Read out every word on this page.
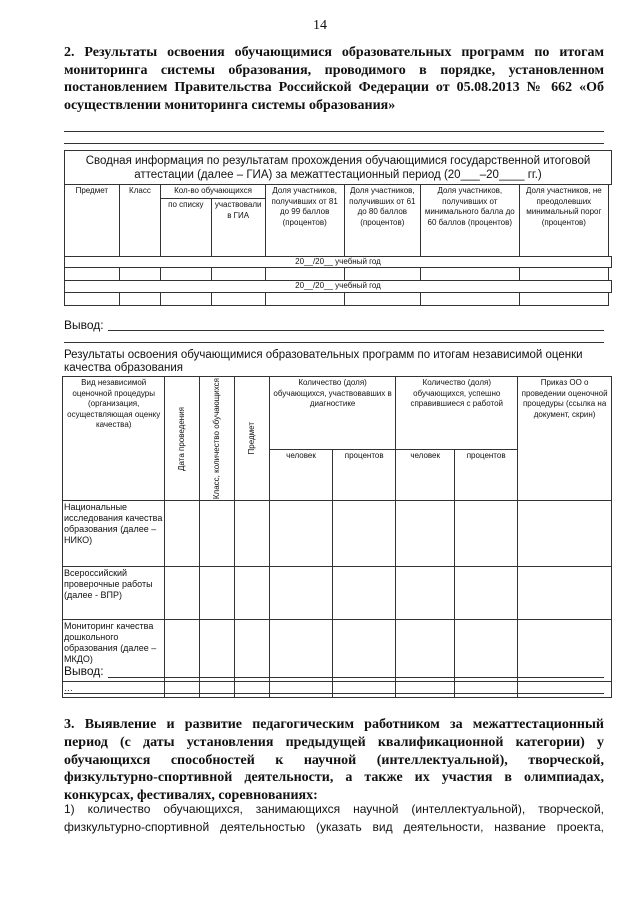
14
2. Результаты освоения обучающимися образовательных программ по итогам мониторинга системы образования, проводимого в порядке, установленном постановлением Правительства Российской Федерации от 05.08.2013 № 662 «Об осуществлении мониторинга системы образования»
Сводная информация по результатам прохождения обучающимися государственной итоговой
аттестации (далее – ГИА) за межаттестационный период (20___–20____ гг.)								

Предмет	Класс	Кол-во обучающихся		Доля участников, получивших от 81 до 99 баллов (процентов)	Доля участников, получивших от 61 до 80 баллов (процентов)	Доля участников, получивших от минимального балла до 60 баллов (процентов)	Доля участников, не преодолевших минимальный порог (процентов)	
		по списку	участвовали в ГИА					
20__/20__ учебный год								

20__/20__ учебный год								

Вывод:
Результаты освоения обучающимися образовательных программ по итогам независимой оценки качества образования
Вид независимой оценочной процедуры (организация, осуществляющая оценку качества)	Дата проведения	Класс, количество обучающихся	Предмет	Количество (доля) обучающихся, участвовавших в диагностике		Количество (доля) обучающихся, успешно справившиеся с работой		Приказ ОО о проведении оценочной процедуры (ссылка на документ, скрин)
				человек	процентов	человек	процентов	
Национальные исследования качества образования (далее – НИКО)								
Всероссийский проверочные работы (далее - ВПР)								
Мониторинг качества дошкольного образования (далее – МКДО)								
…								
Вывод:
3. Выявление и развитие педагогическим работником за межаттестационный период (с даты установления предыдущей квалификационной категории) у обучающихся способностей к научной (интеллектуальной), творческой, физкультурно-спортивной деятельности, а также их участия в олимпиадах, конкурсах, фестивалях, соревнованиях:
1) количество обучающихся, занимающихся научной (интеллектуальной), творческой,
физкультурно-спортивной деятельностью (указать вид деятельности, название проекта,
